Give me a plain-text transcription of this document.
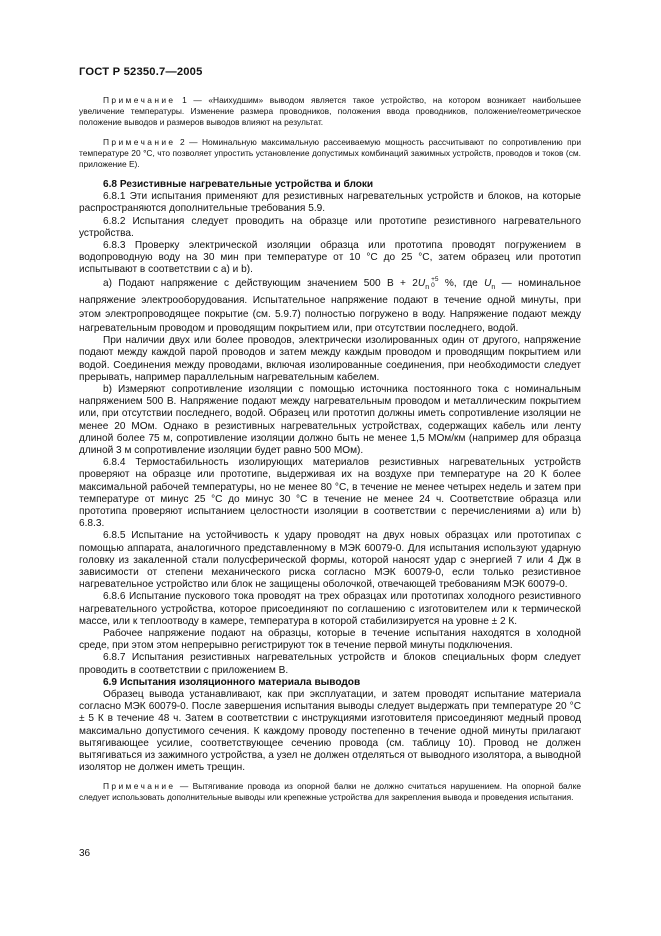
ГОСТ Р 52350.7—2005

Примечание 1 — «Наихудшим» выводом является такое устройство, на котором возникает наибольшее увеличение температуры. Изменение размера проводников, положения ввода проводников, положение/геометрическое положение выводов и размеров выводов влияют на результат.

Примечание 2 — Номинальную максимальную рассеиваемую мощность рассчитывают по сопротивлению при температуре 20 °С, что позволяет упростить установление допустимых комбинаций зажимных устройств, проводов и токов (см. приложение Е).

6.8 Резистивные нагревательные устройства и блоки

6.8.1 Эти испытания применяют для резистивных нагревательных устройств и блоков, на которые распространяются дополнительные требования 5.9.

6.8.2 Испытания следует проводить на образце или прототипе резистивного нагревательного устройства.

6.8.3 Проверку электрической изоляции образца или прототипа проводят погружением в водопроводную воду на 30 мин при температуре от 10 °С до 25 °С, затем образец или прототип испытывают в соответствии с а) и b).

a) Подают напряжение с действующим значением 500 $В + 2U_n$
+5
0 %, где $U_n$ — номинальное напряжение электрооборудования. Испытательное напряжение подают в течение одной минуты, при этом электропроводящее покрытие (см. 5.9.7) полностью погружено в воду. Напряжение подают между нагревательным проводом и проводящим покрытием или, при отсутствии последнего, водой.

При наличии двух или более проводов, электрически изолированных один от другого, напряжение подают между каждой парой проводов и затем между каждым проводом и проводящим покрытием или водой. Соединения между проводами, включая изолированные соединения, при необходимости следует прерывать, например параллельным нагревательным кабелем.

b) Измеряют сопротивление изоляции с помощью источника постоянного тока с номинальным напряжением 500 В. Напряжение подают между нагревательным проводом и металлическим покрытием или, при отсутствии последнего, водой. Образец или прототип должны иметь сопротивление изоляции не менее 20 МОм. Однако в резистивных нагревательных устройствах, содержащих кабель или ленту длиной более 75 м, сопротивление изоляции должно быть не менее 1,5 МОм/км (например для образца длиной 3 м сопротивление изоляции будет равно 500 МОм).

6.8.4 Термостабильность изолирующих материалов резистивных нагревательных устройств проверяют на образце или прототипе, выдерживая их на воздухе при температуре на 20 К более максимальной рабочей температуры, но не менее 80 °С, в течение не менее четырех недель и затем при температуре от минус 25 °С до минус 30 °С в течение не менее 24 ч. Соответствие образца или прототипа проверяют испытанием целостности изоляции в соответствии с перечислениями а) или b) 6.8.3.

6.8.5 Испытание на устойчивость к удару проводят на двух новых образцах или прототипах с помощью аппарата, аналогичного представленному в МЭК 60079-0. Для испытания используют ударную головку из закаленной стали полусферической формы, которой наносят удар с энергией 7 или 4 Дж в зависимости от степени механического риска согласно МЭК 60079-0, если только резистивное нагревательное устройство или блок не защищены оболочкой, отвечающей требованиям МЭК 60079-0.

6.8.6 Испытание пускового тока проводят на трех образцах или прототипах холодного резистивного нагревательного устройства, которое присоединяют по соглашению с изготовителем или к термической массе, или к теплоотводу в камере, температура в которой стабилизируется на уровне ± 2 К.

Рабочее напряжение подают на образцы, которые в течение испытания находятся в холодной среде, при этом этом непрерывно регистрируют ток в течение первой минуты подключения.

6.8.7 Испытания резистивных нагревательных устройств и блоков специальных форм следует проводить в соответствии с приложением В.

6.9 Испытания изоляционного материала выводов

Образец вывода устанавливают, как при эксплуатации, и затем проводят испытание материала согласно МЭК 60079-0. После завершения испытания выводы следует выдержать при температуре 20 °С ± 5 К в течение 48 ч. Затем в соответствии с инструкциями изготовителя присоединяют медный провод максимально допустимого сечения. К каждому проводу постепенно в течение одной минуты прилагают вытягивающее усилие, соответствующее сечению провода (см. таблицу 10). Провод не должен вытягиваться из зажимного устройства, а узел не должен отделяться от выводного изолятора, а выводной изолятор не должен иметь трещин.

Примечание — Вытягивание провода из опорной балки не должно считаться нарушением. На опорной балке следует использовать дополнительные выводы или крепежные устройства для закрепления вывода и проведения испытания.

36
